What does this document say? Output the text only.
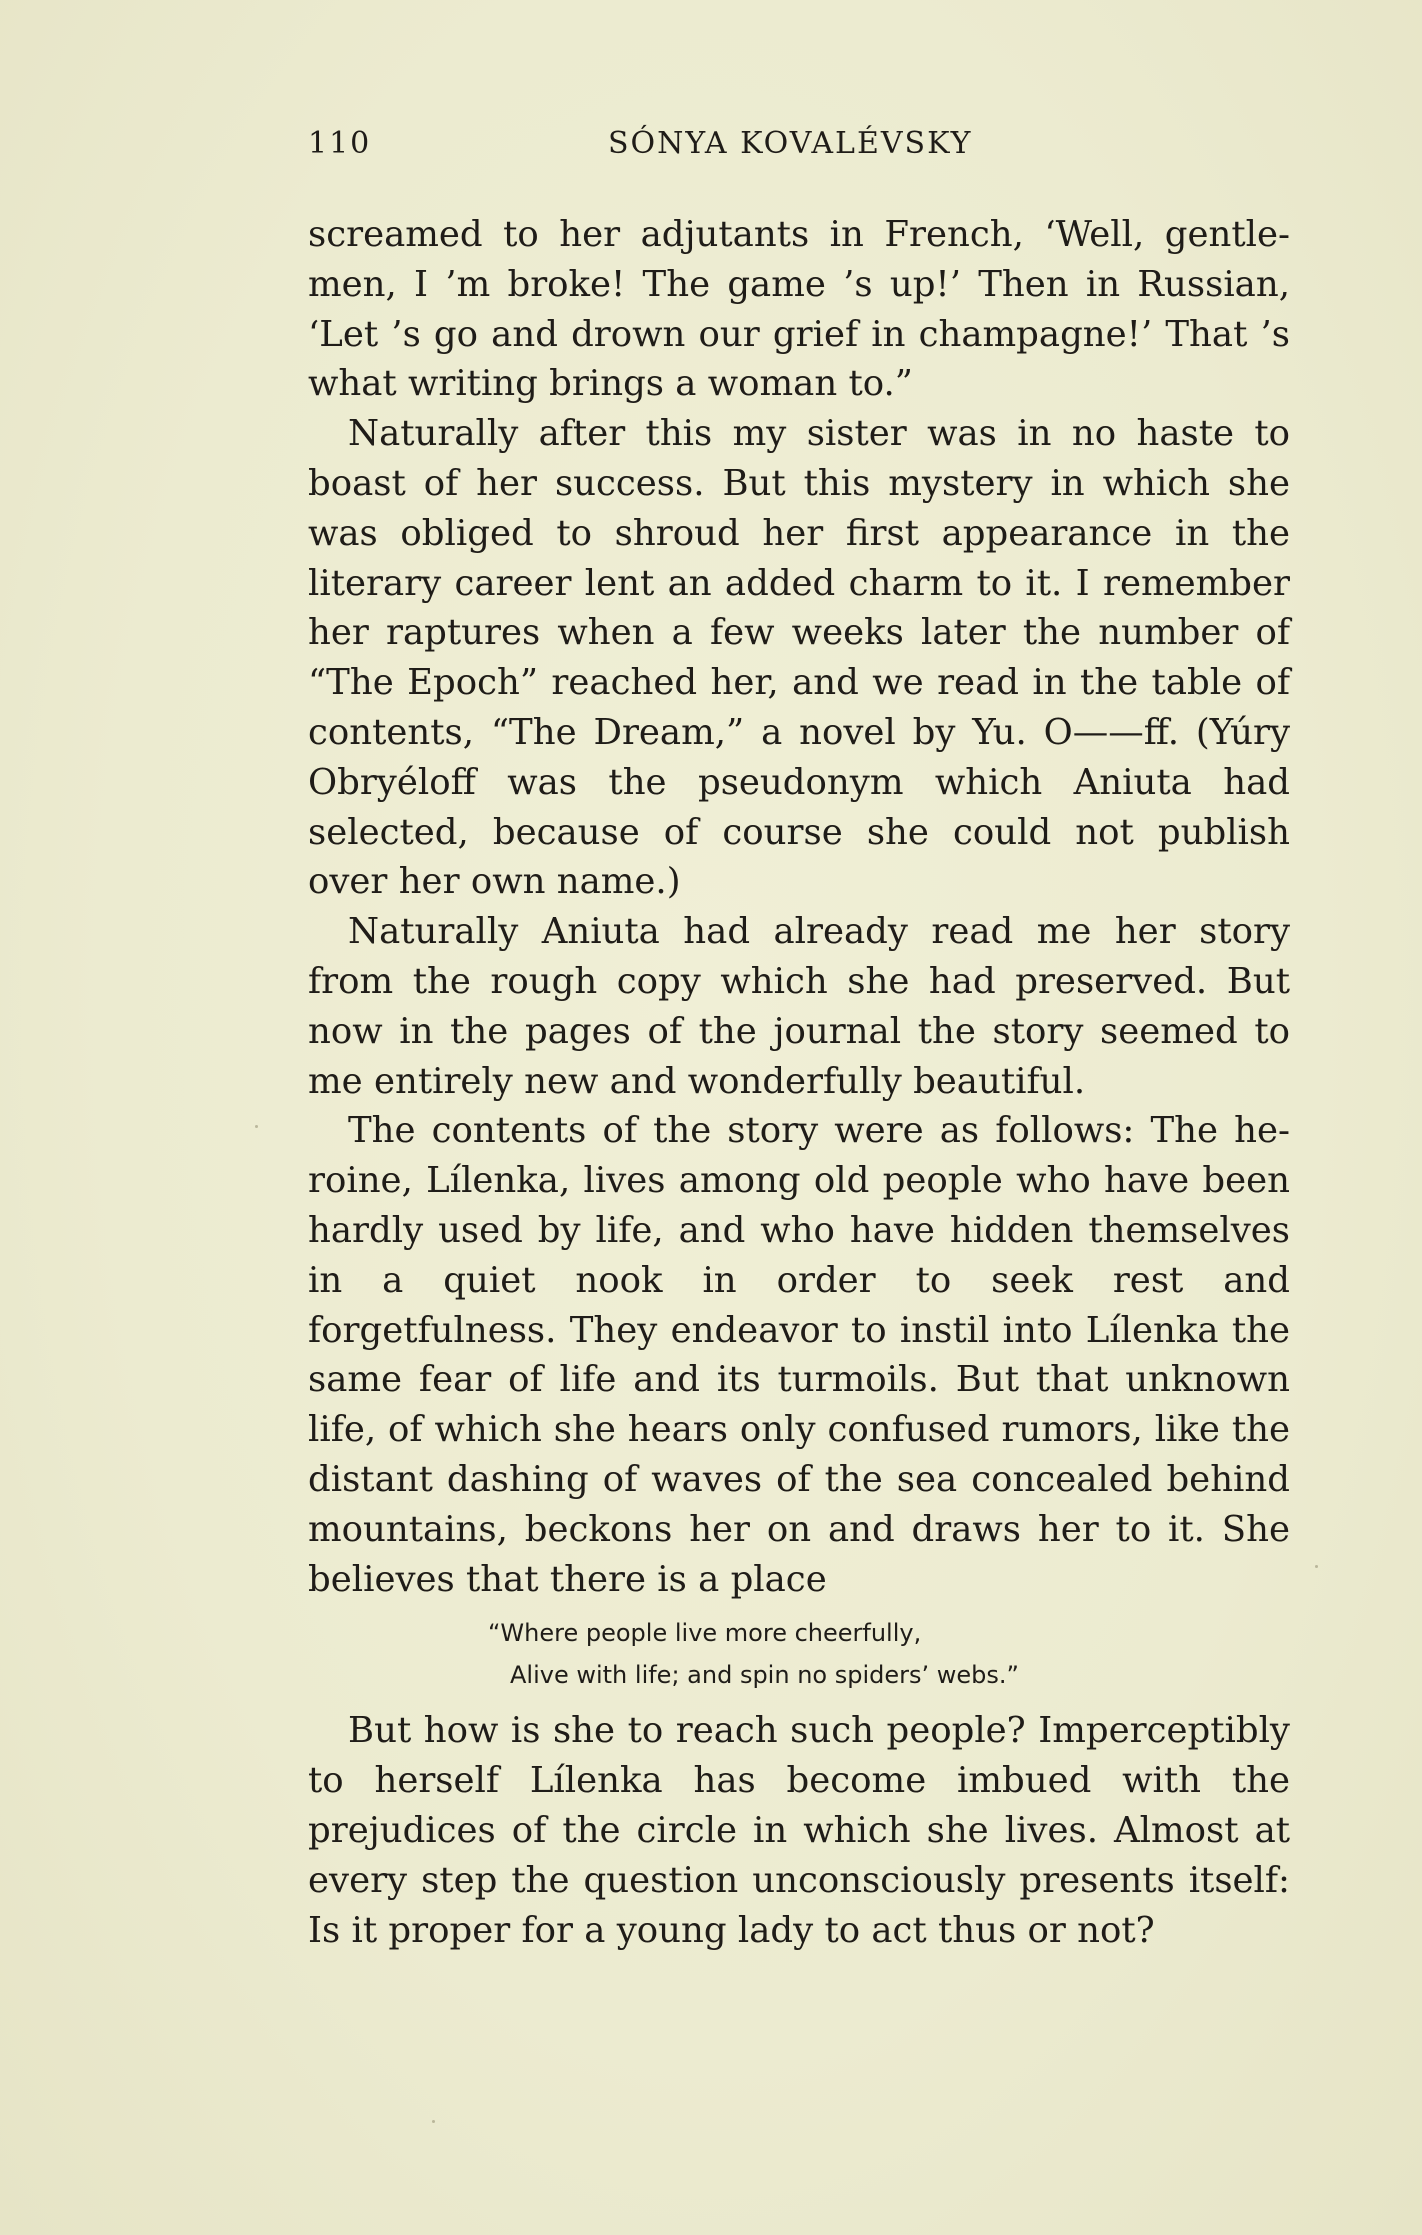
110	SÓNYA KOVALÉVSKY

screamed to her adjutants in French, ‘Well, gentlemen, I ’m broke! The game ’s up!’ Then in Russian, ‘Let ’s go and drown our grief in champagne!’ That ’s what writing brings a woman to.”

Naturally after this my sister was in no haste to boast of her success. But this mystery in which she was obliged to shroud her first appearance in the literary career lent an added charm to it. I remember her raptures when a few weeks later the number of “The Epoch” reached her, and we read in the table of contents, “The Dream,” a novel by Yu. O——ff. (Yúry Obryéloff was the pseudonym which Aniuta had selected, because of course she could not publish over her own name.)

Naturally Aniuta had already read me her story from the rough copy which she had preserved. But now in the pages of the journal the story seemed to me entirely new and wonderfully beautiful.

The contents of the story were as follows: The heroine, Lílenka, lives among old people who have been hardly used by life, and who have hidden themselves in a quiet nook in order to seek rest and forgetfulness. They endeavor to instil into Lílenka the same fear of life and its turmoils. But that unknown life, of which she hears only confused rumors, like the distant dashing of waves of the sea concealed behind mountains, beckons her on and draws her to it. She believes that there is a place

“Where people live more cheerfully,
Alive with life; and spin no spiders’ webs.”

But how is she to reach such people? Imperceptibly to herself Lílenka has become imbued with the prejudices of the circle in which she lives. Almost at every step the question unconsciously presents itself: Is it proper for a young lady to act thus or not?
